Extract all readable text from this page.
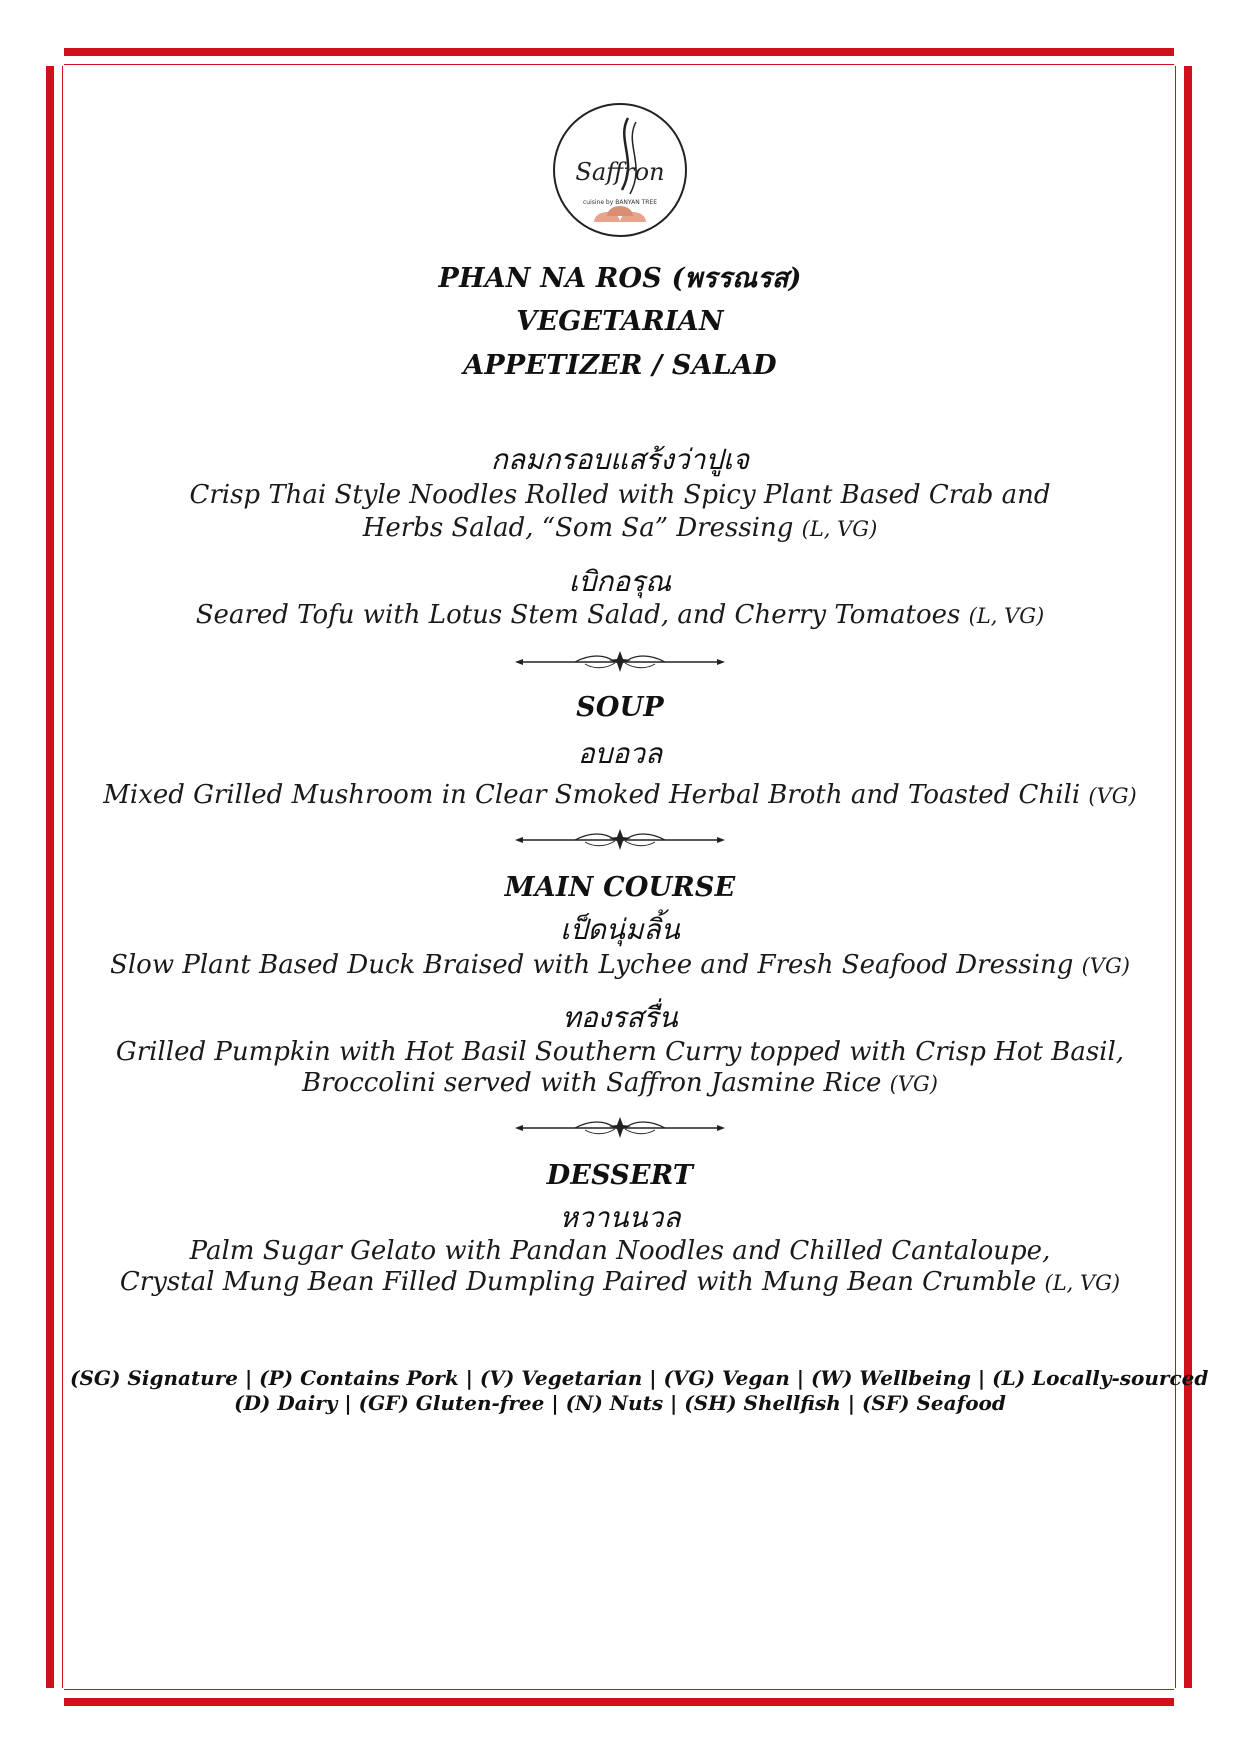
Saffron
cuisine by BANYAN TREE
PHAN NA ROS (พรรณรส)
VEGETARIAN
APPETIZER / SALAD
กลมกรอบแสร้งว่าปูเจ
Crisp Thai Style Noodles Rolled with Spicy Plant Based Crab and
Herbs Salad, “Som Sa” Dressing (L, VG)
เบิกอรุณ
Seared Tofu with Lotus Stem Salad, and Cherry Tomatoes (L, VG)
SOUP
อบอวล
Mixed Grilled Mushroom in Clear Smoked Herbal Broth and Toasted Chili (VG)
MAIN COURSE
เป็ดนุ่มลิ้น
Slow Plant Based Duck Braised with Lychee and Fresh Seafood Dressing (VG)
ทองรสรื่น
Grilled Pumpkin with Hot Basil Southern Curry topped with Crisp Hot Basil,
Broccolini served with Saffron Jasmine Rice (VG)
DESSERT
หวานนวล
Palm Sugar Gelato with Pandan Noodles and Chilled Cantaloupe,
Crystal Mung Bean Filled Dumpling Paired with Mung Bean Crumble (L, VG)
(SG) Signature | (P) Contains Pork | (V) Vegetarian | (VG) Vegan | (W) Wellbeing | (L) Locally-sourced
(D) Dairy | (GF) Gluten-free | (N) Nuts | (SH) Shellfish | (SF) Seafood
